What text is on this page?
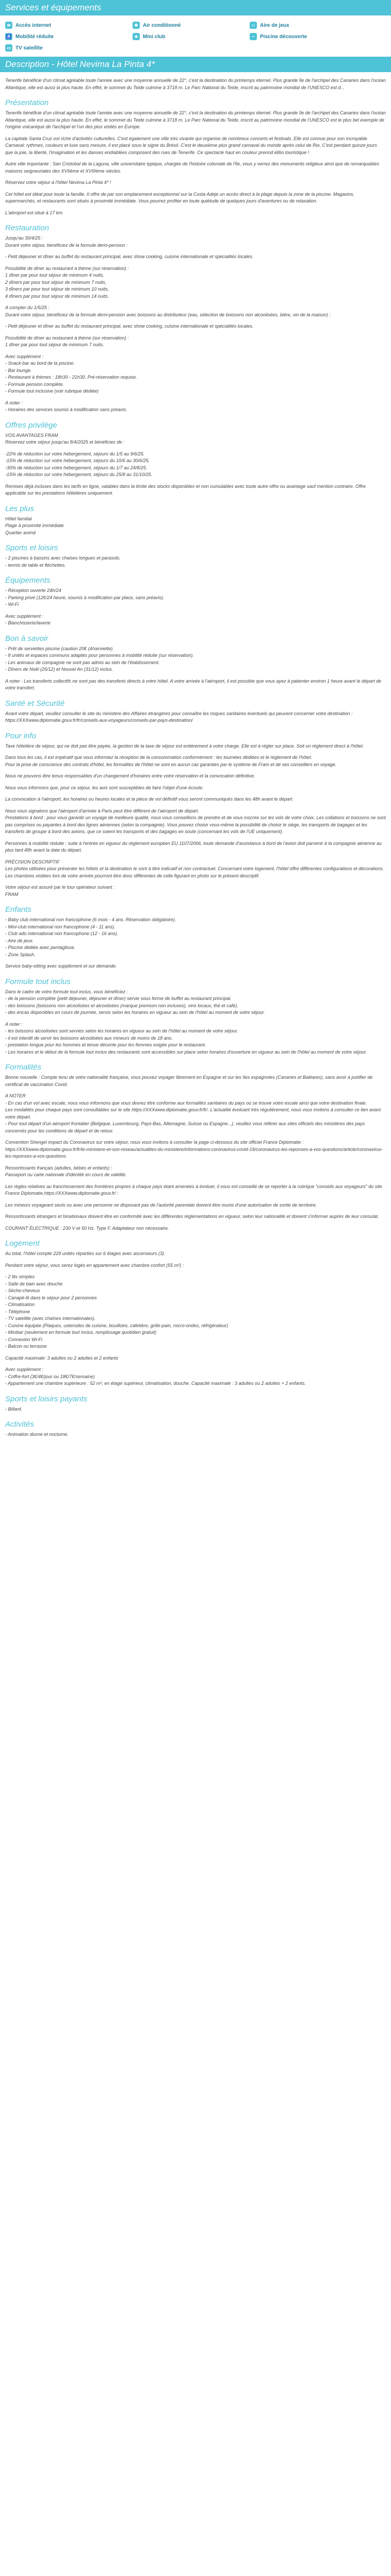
Services et équipements
≋ Accès internet	❄ Air conditionné	☺ Aire de jeux
♿ Mobilité réduite	★ Mini club	~	Piscine découverte
▭ TV satellite
Description - Hôtel Nevima La Pinta 4*

Tenerife bénéficie d'un climat agréable toute l'année avec une moyenne annuelle de 22°, c'est la destination du printemps éternel. Plus grande île de l'archipel des Canaries dans l'océan Atlantique, elle est aussi la plus haute. En effet, le sommet du Teide culmine à 3718 m. Le Parc National du Teide, inscrit au patrimoine mondial de l'UNESCO est d...

Présentation

Tenerife bénéficie d'un climat agréable toute l'année avec une moyenne annuelle de 22°, c'est la destination du printemps éternel. Plus grande île de l'archipel des Canaries dans l'océan Atlantique, elle est aussi la plus haute. En effet, le sommet du Teide culmine à 3718 m. Le Parc National du Teide, inscrit au patrimoine mondial de l'UNESCO est le plus bel exemple de l'origine volcanique de l'archipel et l'un des plus visités en Europe.

La capitale Santa Cruz est riche d'activités culturelles. C'est également une ville très vivante qui organise de nombreux concerts et festivals. Elle est connue pour son incroyable Carnaval: rythmes, couleurs et luxe sans mesure, il est placé sous le signe du Brésil. C'est le deuxième plus grand carnaval du monde après celui de Rio. C'est pendant quinze jours que la joie, la liberté, l'imagination et les danses endiablées composent des rues de Tenerife. Ce spectacle haut en couleur prennd élitio touristique !

Autre ville importante : San Cristobal de la Laguna, ville universitaire typique, chargée de l'histoire coloniale de l'île, vous y verrez des monuments religieux ainsi que de remarquables maisons seigneuriales des XVIIème et XVIIIème siècles.

Réservez votre séjour à l'hôtel Nevima La Pinta 4* !

Cet hôtel est idéal pour toute la famille. Il offre de par son emplacement exceptionnel sur la Costa Adeje un accès direct à la plage depuis la zone de la piscine. Magasins, supermarchés, et restaurants sont situés à proximité immédiate. Vous pourrez profiter en toute quiétude de quelques jours d'aventures ou de relaxation.

L'aéroport est situé à 17 km.

Restauration

Jusqu'au 30/4/25 :
Durant votre séjour, bénéficiez de la formule demi-pension :

- Petit déjeuner et dîner au buffet du restaurant principal, avec show cooking, cuisine internationale et spécialités locales.

Possibilité de dîner au restaurant à thème (sur réservation) :
1 dîner par pour tout séjour de minimum 4 nuits,
2 dîners par pour tout séjour de minimum 7 nuits,
3 dîners par pour tout séjour de minimum 10 nuits,
4 dîners par pour tout séjour de minimum 14 nuits.

A compter du 1/5/25 :
Durant votre séjour, bénéficiez de la formule demi-pension avec boissons au distributeur (eau, sélection de boissons non alcoolisées, bière, vin de la maison) :

- Petit déjeuner et dîner au buffet du restaurant principal, avec show cooking, cuisine internationale et spécialités locales.

Possibilité de dîner au restaurant à thème (sur réservation) :
1 dîner par pour tout séjour de minimum 7 nuits.

Avec supplément :
- Snack-bar au bord de la piscine.
- Bar lounge.
- Restaurant à thèmes : 18h30 - 21h30. Pré-réservation requise.
- Formule pension complète.
- Formule tout inclusive (voir rubrique dédiée)

A noter :
- Horaires des services soumis à modification sans préavis.

Offres privilège

VOS AVANTAGES FRAM
Réservez votre séjour jusqu'au 8/4/2025 et bénéficiez de :

-22% de réduction sur votre hébergement, séjours du 1/5 au 9/6/25.
-15% de réduction sur votre hébergement, séjours du 10/6 au 30/6/25.
-30% de réduction sur votre hébergement, séjours du 1/7 au 24/8/25.
-15% de réduction sur votre hébergement, séjours du 25/8 au 31/10/25.

Remises déjà incluses dans les tarifs en ligne, valables dans la limite des stocks disponibles et non cumulables avec toute autre offre ou avantage sauf mention contraire. Offre applicable sur les prestations hôtelières uniquement.

Les plus

Hôtel familial
Plage à proximité immédiate
Quartier animé

Sports et loisirs

- 2 piscines à bassins avec chaises longues et parasols.
- tennis de table et fléchettes.

Équipements

- Réception ouverte 24h/24
- Parking privé (12€/24 heure, soumis à modification par place, sans préavis).
- Wi-Fi

Avec supplément :
- Blanchisserie/laverie

Bon à savoir

- Prêt de serviettes piscine (caution 20€ (4/serviette).
- 8 unités et espaces communs adaptés pour personnes à mobilité réduite (sur réservation).
- Les animaux de compagnie ne sont pas admis au sein de l'établissement.
- Dîners de Noël (25/12) et Nouvel An (31/12) inclus.

A noter : Les transferts collectifs ne sont pas des transferts directs à votre hôtel. A votre arrivée à l'aéroport, il est possible que vous ayez à patienter environ 1 heure avant le départ de votre transfert.

Santé et Sécurité

Avant votre départ, veuillez consulter le site du ministère des Affaires étrangères pour connaître les risques sanitaires éventuels qui peuvent concerner votre destination : https://XXXwww.diplomatie.gouv.fr/fr/conseils-aux-voyageurs/conseils-par-pays-destination/

Pour info

Taxe hôtelière de séjour, qui ne doit pas être payée, la gestion de la taxe de séjour est entièrement à votre charge. Elle est à régler sur place. Soit un règlement direct à l'hôtel.

Dans tous les cas, il est impératif que vous informiez la réception de la consommation conformément : les tournées dédiées et le règlement de l'hôtel.
Pour la prise de conscience des contrats d'hôtel, les formalités de l'hôtel ne sont en aucun cas garanties par le système de Fram et de ses conseillers en voyage.

Nous ne pouvons être tenus responsables d'un changement d'horaires entre votre réservation et la convocation définitive.

Nous vous informons que, pour ce séjour, les avis sont susceptibles de faire l'objet d'une écoute.

La convocation à l'aéroport, les horaires ou heures locales et la pièce de vol définitif vous seront communiqués dans les 48h avant le départ.

Nous vous signalons que l'aéroport d'arrivée à Paris peut être différent de l'aéroport de départ.
Prestations à bord : pour vous garantir un voyage de meilleure qualité, nous vous conseillons de prendre et de vous inscrire sur les vols de votre choix. Les collations et boissons ne sont pas comprises ou payantes à bord des lignes aériennes (selon la compagnie). Vous pouvez choisir vous-même la possibilité de choisir le siège, les transports de bagages et les transferts de groupe à bord des avions, que ce soient les transports et des bagages en soute (concernant les vols de l'UE uniquement).

Personnes à mobilité réduite : suite à l'entrée en vigueur du règlement européen EU 1107/2006, toute demande d'assistance à bord de l'avion doit parvenir à la compagnie aérienne au plus tard 48h avant la date du départ.

PRÉCISION DESCRIPTIF
Les photos utilisées pour présenter les hôtels et la destination le sont à titre indicatif et non contractuel. Concernant votre logement, l'hôtel offre différentes configurations et décorations. Les chambres visitées lors de votre arrivée pourront être donc différentes de celle figurant en photo sur le présent descriptif.

Votre séjour est assuré par le tour opérateur suivant :
FRAM

Enfants

- Baby club international non francophone (6 mois - 4 ans. Réservation obligatoire).
- Mini-club international non francophone (4 - 11 ans).
- Club ado international non francophone (12 - 16 ans).
- Aire de jeux.
- Piscine dédiée avec pentaglisse.
- Zone Splash.

Service baby-sitting avec supplément et sur demande.

Formule tout inclus

Dans le cadre de votre formule tout inclus, vous bénéficiez :
- de la pension complète (petit déjeuner, déjeuner et dîner) servie sous forme de buffet au restaurant principal.
- des boissons (boissons non alcoolisées et alcoolisées (marque premium non incluses), vins locaux, thé et café).
- des encas disponibles en cours de journée, servis selon les horaires en vigueur au sein de l'hôtel au moment de votre séjour.

A noter :
- les boissons alcoolisées sont servies selon les horaires en vigueur au sein de l'hôtel au moment de votre séjour.
- il est interdit de servir les boissons alcoolisées aux mineurs de moins de 18 ans.
- prestation longue pour les hommes et tenue décente pour les femmes exigée pour le restaurant.
- Les horaires et le début de la formule tout inclus des restaurants sont accessibles sur place selon horaires d'ouverture en vigueur au sein de l'hôtel au moment de votre séjour.

Formalités

Bonne nouvelle : Compte tenu de votre nationalité française, vous pouvez voyager librement en Espagne et sur les îles espagnoles (Canaries et Baléares), sans avoir à justifier de certificat de vaccination Covid.

A NOTER
- En cas d'un vol avec escale, nous vous informons que vous devrez être conforme aux formalités sanitaires du pays où se trouve votre escale ainsi que votre destination finale.
Les modalités pour chaque pays sont consultables sur le site https://XXXwww.diplomatie.gouv.fr/fr/. L'actualité évoluant très régulièrement, nous vous invitons à consulter ce lien avant votre départ.
- Pour tout départ d'un aéroport frontalier (Belgique, Luxembourg, Pays-Bas, Allemagne, Suisse ou Espagne...), veuillez vous référer aux sites officiels des ministères des pays concernés pour les conditions de départ et de retour.

Convention Shengel impact du Coronavirus sur votre séjour, nous vous invitons à consulter la page ci-dessous du site officiel France Diplomatie :
https://XXXwww.diplomatie.gouv.fr/fr/le-ministere-et-son-reseau/actualites-du-ministere/informations-coronavirus-covid-19/coronavirus-les-reponses-a-vos-questions/article/coronavirus-les-reponses-a-vos-questions

Ressortissants français (adultes, bébés et enfants) :
Passeport ou carte nationale d'identité en cours de validité.

Les règles relatives au franchissement des frontières propres à chaque pays étant amenées à évoluer, il vous est conseillé de se reporter à la rubrique "conseils aux voyageurs" du site France Diplomatie,https://XXXwww.diplomatie.gouv.fr/ :

Les mineurs voyageant seuls ou avec une personne ne disposant pas de l'autorité parentale doivent être munis d'une autorisation de sortie de territoire.

Ressortissants étrangers et binationaux doivent être en conformité avec les différentes réglementations en vigueur, selon leur nationalité et doivent s'informer auprès de leur consulat.

COURANT ÉLECTRIQUE : 230 V et 50 Hz. Type F. Adaptateur non nécessaire.

Logement

Au total, l'hôtel compte 229 unités réparties sur 6 étages avec ascenseurs (3).

Pendant votre séjour, vous serez logés en appartement avec chambre confort (55 m²) :

- 2 lits simples
- Salle de bain avec douche
- Sèche-cheveux
- Canapé-lit dans le séjour pour 2 personnes
- Climatisation
- Téléphone
- TV satellite (avec chaînes internationales).
- Cuisine équipée (Plaques, ustensiles de cuisine, bouilloire, cafetière, grille-pain, micro-ondes, réfrigérateur)
- Minibar (seulement en formule tout inclus, remplissage quotidien gratuit)
- Connexion Wi-Fi
- Balcon ou terrasse

Capacité maximale: 3 adultes ou 2 adultes et 2 enfants

Avec supplément :
- Coffre-fort (3€/4€/jour ou 18€/7€/semaine)
- Appartement une chambre supérieure : 52 m², en étage supérieur, climatisation, douche. Capacité maximale : 3 adultes ou 2 adultes + 2 enfants.

Sports et loisirs payants

- Billard.

Activités

- Animation diurne et nocturne.
